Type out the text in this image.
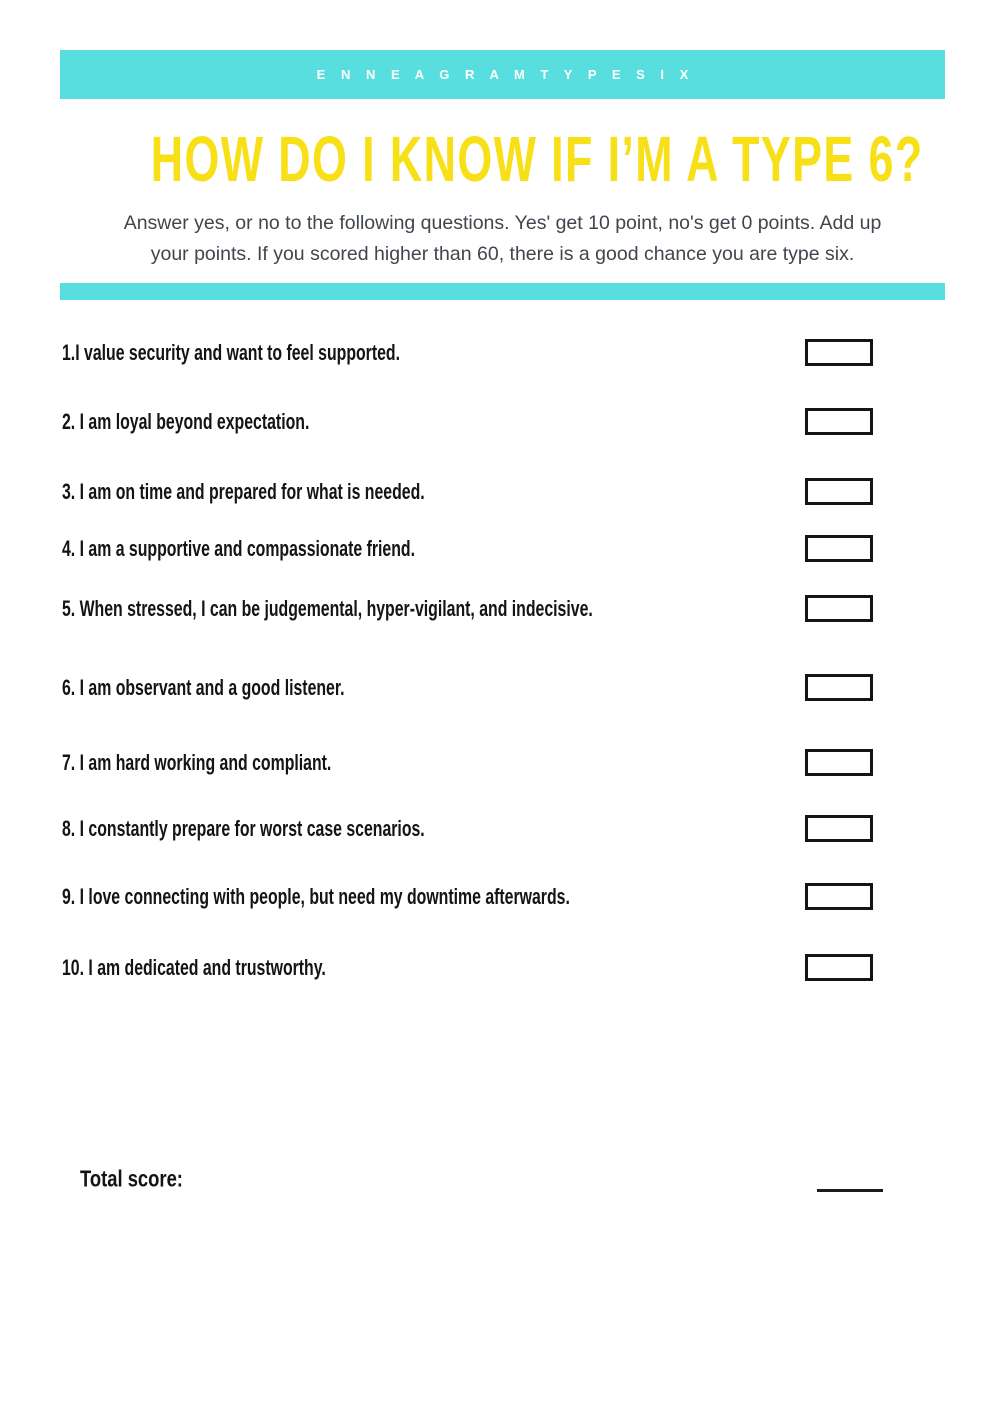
E N N E A G R A M T Y P E S I X
HOW DO I KNOW IF I’M A TYPE 6?
Answer yes, or no to the following questions. Yes' get 10 point, no's get 0 points. Add up
your points. If you scored higher than 60, there is a good chance you are type six.
1.I value security and want to feel supported.
2. I am loyal beyond expectation.
3. I am on time and prepared for what is needed.
4. I am a supportive and compassionate friend.
5. When stressed, I can be judgemental, hyper-vigilant, and indecisive.
6. I am observant and a good listener.
7. I am hard working and compliant.
8. I constantly prepare for worst case scenarios.
9. I love connecting with people, but need my downtime afterwards.
10. I am dedicated and trustworthy.
Total score:
